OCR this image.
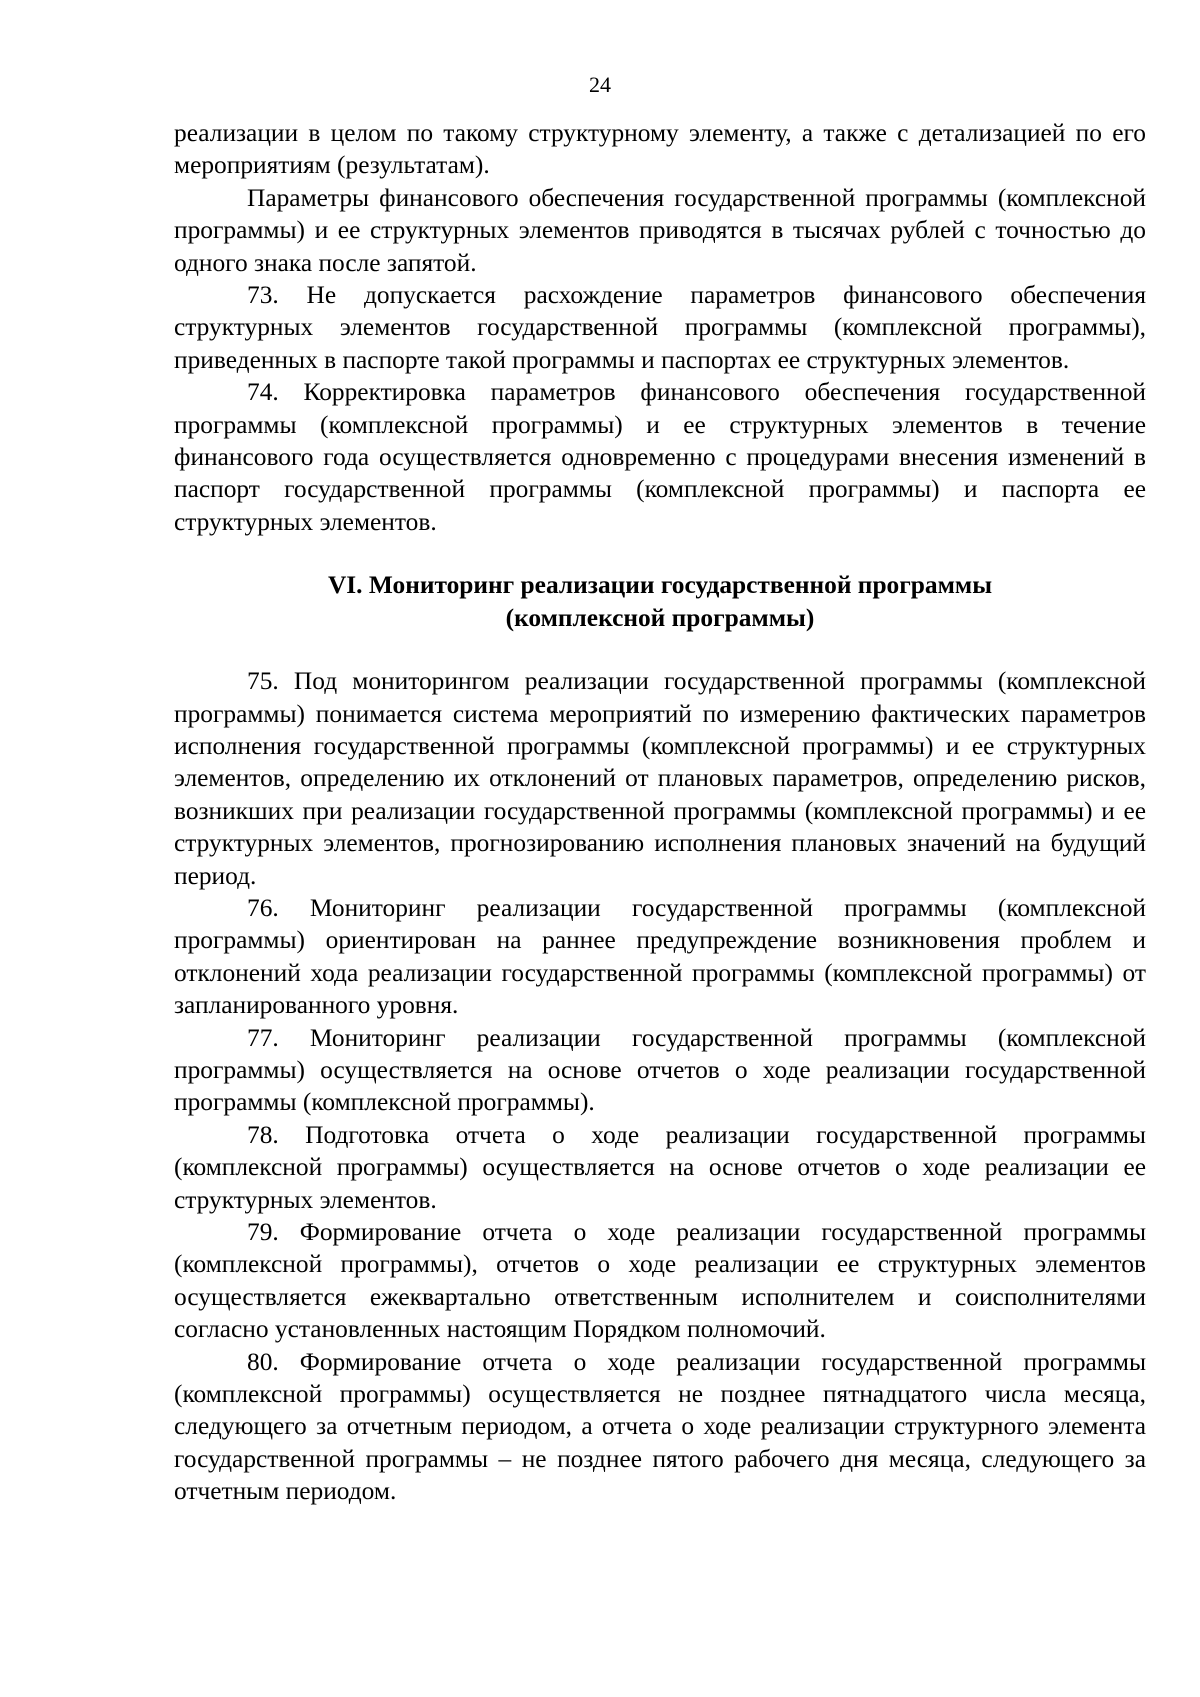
24

реализации в целом по такому структурному элементу, а также с детализацией по его мероприятиям (результатам).

Параметры финансового обеспечения государственной программы (комплексной программы) и ее структурных элементов приводятся в тысячах рублей с точностью до одного знака после запятой.

73. Не допускается расхождение параметров финансового обеспечения структурных элементов государственной программы (комплексной программы), приведенных в паспорте такой программы и паспортах ее структурных элементов.

74. Корректировка параметров финансового обеспечения государственной программы (комплексной программы) и ее структурных элементов в течение финансового года осуществляется одновременно с процедурами внесения изменений в паспорт государственной программы (комплексной программы) и паспорта ее структурных элементов.

VI. Мониторинг реализации государственной программы

(комплексной программы)

75. Под мониторингом реализации государственной программы (комплексной программы) понимается система мероприятий по измерению фактических параметров исполнения государственной программы (комплексной программы) и ее структурных элементов, определению их отклонений от плановых параметров, определению рисков, возникших при реализации государственной программы (комплексной программы) и ее структурных элементов, прогнозированию исполнения плановых значений на будущий период.

76. Мониторинг реализации государственной программы (комплексной программы) ориентирован на раннее предупреждение возникновения проблем и отклонений хода реализации государственной программы (комплексной программы) от запланированного уровня.

77. Мониторинг реализации государственной программы (комплексной программы) осуществляется на основе отчетов о ходе реализации государственной программы (комплексной программы).

78. Подготовка отчета о ходе реализации государственной программы (комплексной программы) осуществляется на основе отчетов о ходе реализации ее структурных элементов.

79. Формирование отчета о ходе реализации государственной программы (комплексной программы), отчетов о ходе реализации ее структурных элементов осуществляется ежеквартально ответственным исполнителем и соисполнителями согласно установленных настоящим Порядком полномочий.

80. Формирование отчета о ходе реализации государственной программы (комплексной программы) осуществляется не позднее пятнадцатого числа месяца, следующего за отчетным периодом, а отчета о ходе реализации структурного элемента государственной программы – не позднее пятого рабочего дня месяца, следующего за отчетным периодом.
